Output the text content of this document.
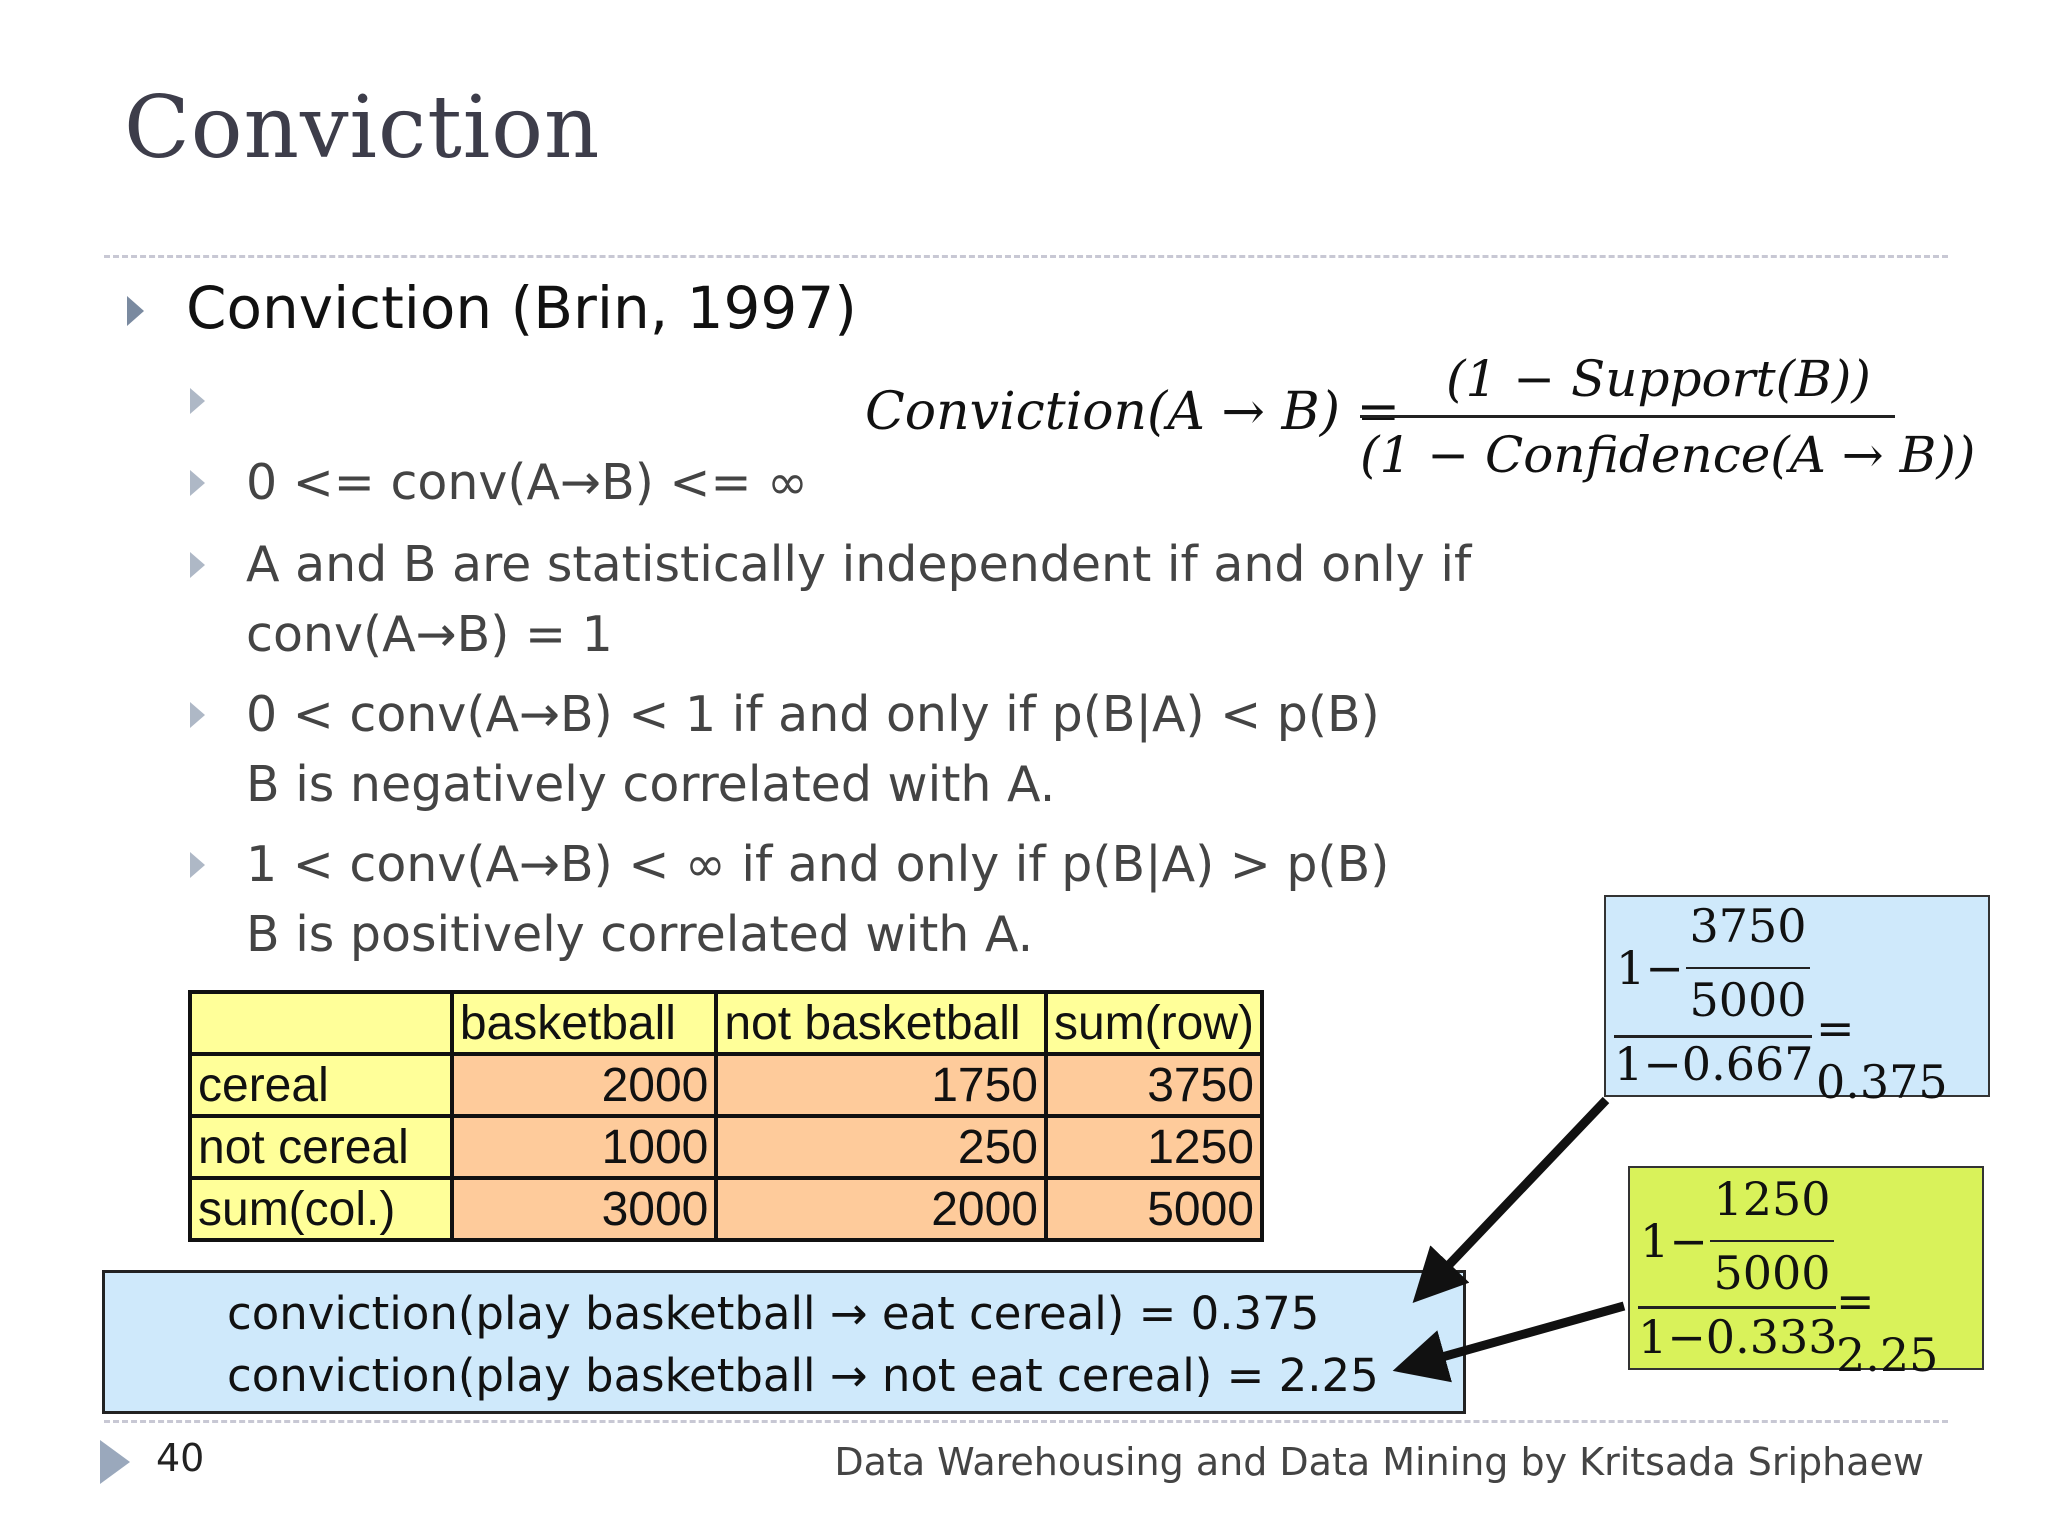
Conviction
Conviction (Brin, 1997)
Conviction(A → B) =
(1 − Support(B))
(1 − Confidence(A → B))
0 <= conv(A→B) <= ∞
A and B are statistically independent if and only if
conv(A→B) = 1
0 < conv(A→B) < 1 if and only if p(B|A) < p(B)
B is negatively correlated with A.
1 < conv(A→B) < ∞ if and only if p(B|A) > p(B)
B is positively correlated with A.
	basketball	not basketball	sum(row)
cereal	2000	1750	3750
not cereal	1000	250	1250
sum(col.)	3000	2000	5000
conviction(play basketball → eat cereal) = 0.375
conviction(play basketball → not eat cereal) = 2.25
1−
3750
5000
1−0.667
= 0.375
1−
1250
5000
1−0.333
= 2.25
40	Data Warehousing and Data Mining by Kritsada Sriphaew
